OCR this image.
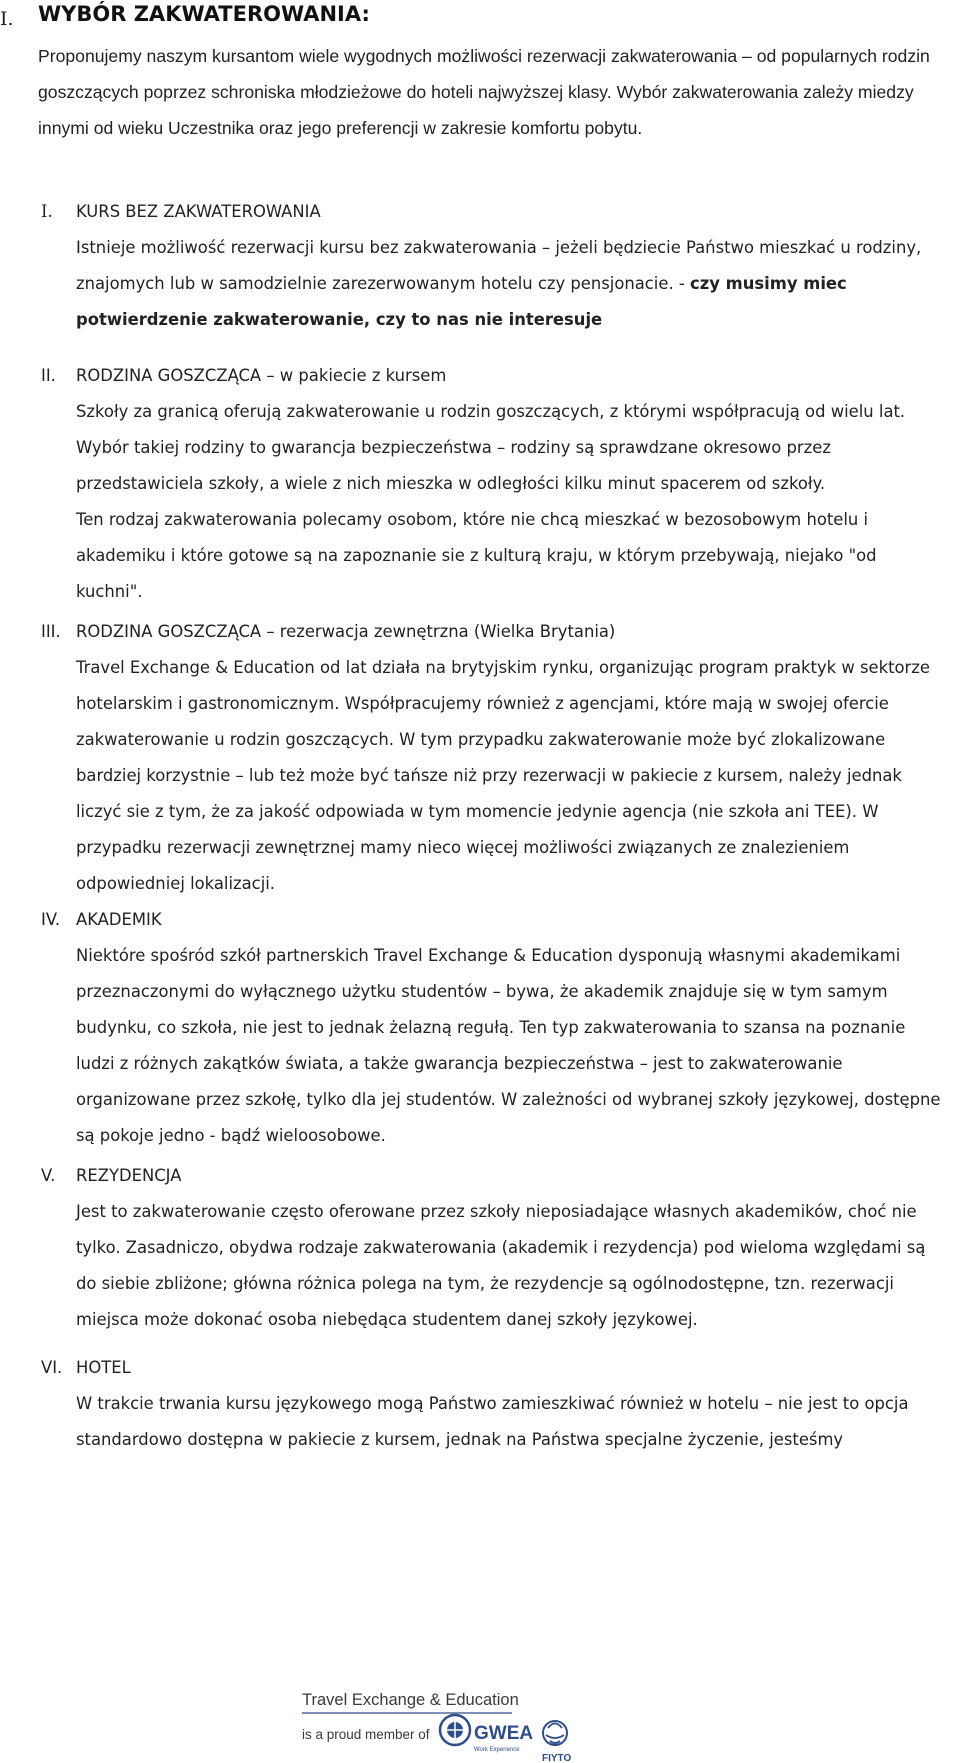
I. WYBÓR ZAKWATEROWANIA:

Proponujemy naszym kursantom wiele wygodnych możliwości rezerwacji zakwaterowania – od popularnych rodzin goszczących poprzez schroniska młodzieżowe do hoteli najwyższej klasy. Wybór zakwaterowania zależy miedzy innymi od wieku Uczestnika oraz jego preferencji w zakresie komfortu pobytu.

I. KURS BEZ ZAKWATEROWANIA

Istnieje możliwość rezerwacji kursu bez zakwaterowania – jeżeli będziecie Państwo mieszkać u rodziny, znajomych lub w samodzielnie zarezerwowanym hotelu czy pensjonacie. - czy musimy miec potwierdzenie zakwaterowanie, czy to nas nie interesuje

II. RODZINA GOSZCZĄCA – w pakiecie z kursem
Szkoły za granicą oferują zakwaterowanie u rodzin goszczących, z którymi współpracują od wielu lat. Wybór takiej rodziny to gwarancja bezpieczeństwa – rodziny są sprawdzane okresowo przez przedstawiciela szkoły, a wiele z nich mieszka w odległości kilku minut spacerem od szkoły.
Ten rodzaj zakwaterowania polecamy osobom, które nie chcą mieszkać w bezosobowym hotelu i akademiku i które gotowe są na zapoznanie sie z kulturą kraju, w którym przebywają, niejako "od kuchni".
III. RODZINA GOSZCZĄCA – rezerwacja zewnętrzna (Wielka Brytania)

Travel Exchange & Education od lat działa na brytyjskim rynku, organizując program praktyk w sektorze hotelarskim i gastronomicznym. Współpracujemy również z agencjami, które mają w swojej ofercie zakwaterowanie u rodzin goszczących. W tym przypadku zakwaterowanie może być zlokalizowane bardziej korzystnie – lub też może być tańsze niż przy rezerwacji w pakiecie z kursem, należy jednak liczyć sie z tym, że za jakość odpowiada w tym momencie jedynie agencja (nie szkoła ani TEE). W przypadku rezerwacji zewnętrznej mamy nieco więcej możliwości związanych ze znalezieniem odpowiedniej lokalizacji.

IV. AKADEMIK

Niektóre spośród szkół partnerskich Travel Exchange & Education dysponują własnymi akademikami przeznaczonymi do wyłącznego użytku studentów – bywa, że akademik znajduje się w tym samym budynku, co szkoła, nie jest to jednak żelazną regułą. Ten typ zakwaterowania to szansa na poznanie ludzi z różnych zakątków świata, a także gwarancja bezpieczeństwa – jest to zakwaterowanie organizowane przez szkołę, tylko dla jej studentów. W zależności od wybranej szkoły językowej, dostępne są pokoje jedno - bądź wieloosobowe.

V. REZYDENCJA

Jest to zakwaterowanie często oferowane przez szkoły nieposiadające własnych akademików, choć nie tylko. Zasadniczo, obydwa rodzaje zakwaterowania (akademik i rezydencja) pod wieloma względami są do siebie zbliżone; główna różnica polega na tym, że rezydencje są ogólnodostępne, tzn. rezerwacji miejsca może dokonać osoba niebędąca studentem danej szkoły językowej.

VI. HOTEL

W trakcie trwania kursu językowego mogą Państwo zamieszkiwać również w hotelu – nie jest to opcja standardowo dostępna w pakiecie z kursem, jednak na Państwa specjalne życzenie, jesteśmy

Travel Exchange & Education
is a proud member of GWEA
Work Experience
FIYTO
